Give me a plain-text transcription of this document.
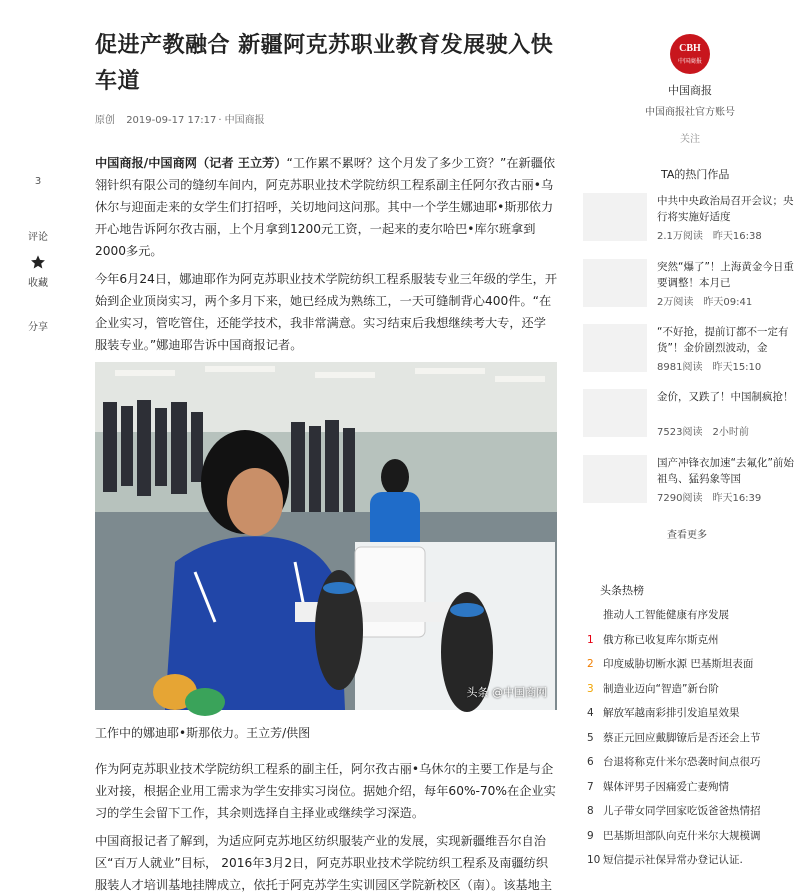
3
评论
收藏
分享
促进产教融合 新疆阿克苏职业教育发展驶入快车道
原创 2019-09-17 17:17 · 中国商报

中国商报/中国商网（记者 王立芳）“工作累不累呀？这个月发了多少工资？”在新疆依翎针织有限公司的缝纫车间内，阿克苏职业技术学院纺织工程系副主任阿尔孜古丽•乌休尔与迎面走来的女学生们打招呼，关切地问这问那。其中一个学生娜迪耶•斯那依力开心地告诉阿尔孜古丽，上个月拿到1200元工资，一起来的麦尔哈巴•库尔班拿到2000多元。

今年6月24日，娜迪耶作为阿克苏职业技术学院纺织工程系服装专业三年级的学生，开始到企业顶岗实习，两个多月下来，她已经成为熟练工，一天可缝制背心400件。“在企业实习，管吃管住，还能学技术，我非常满意。实习结束后我想继续考大专，还学服装专业。”娜迪耶告诉中国商报记者。

头条 @中国商网
工作中的娜迪耶•斯那依力。王立芳/供图

作为阿克苏职业技术学院纺织工程系的副主任，阿尔孜古丽•乌休尔的主要工作是与企业对接，根据企业用工需求为学生安排实习岗位。据她介绍，每年60%-70%在企业实习的学生会留下工作，其余则选择自主择业或继续学习深造。

中国商报记者了解到，为适应阿克苏地区纺织服装产业的发展，实现新疆维吾尔自治区“百万人就业”目标， 2016年3月2日，阿克苏职业技术学院纺织工程系及南疆纺织服装人才培训基地挂牌成立，依托于阿克苏学生实训园区学院新校区（南）。该基地主

CBH
中国商报
中国商报
中国商报社官方账号
关注
TA的热门作品
中共中央政治局召开会议；央行将实施好适度
2.1万阅读 昨天16:38
突然“爆了”！上海黄金今日重要调整！本月已
2万阅读 昨天09:41
“不好抢，提前订都不一定有货”！金价剧烈波动，金
8981阅读 昨天15:10
金价，又跌了！中国制疯抢！
7523阅读 2小时前
国产冲锋衣加速“去氟化”前始祖鸟、猛犸象等国
7290阅读 昨天16:39
查看更多
头条热榜
推动人工智能健康有序发展
1 俄方称已收复库尔斯克州
2 印度威胁切断水源 巴基斯坦表面
3 制造业迈向“智造”新台阶
4 解放军越南彩排引发追星效果
5 蔡正元回应戴脚镣后是否还会上节
6 台退将称克什米尔恐袭时间点很巧
7 媒体评男子因痛爱亡妻殉情
8 儿子带女同学回家吃饭爸爸热情招
9 巴基斯坦部队向克什米尔大规模调
10 短信提示社保异常办登记认证.
